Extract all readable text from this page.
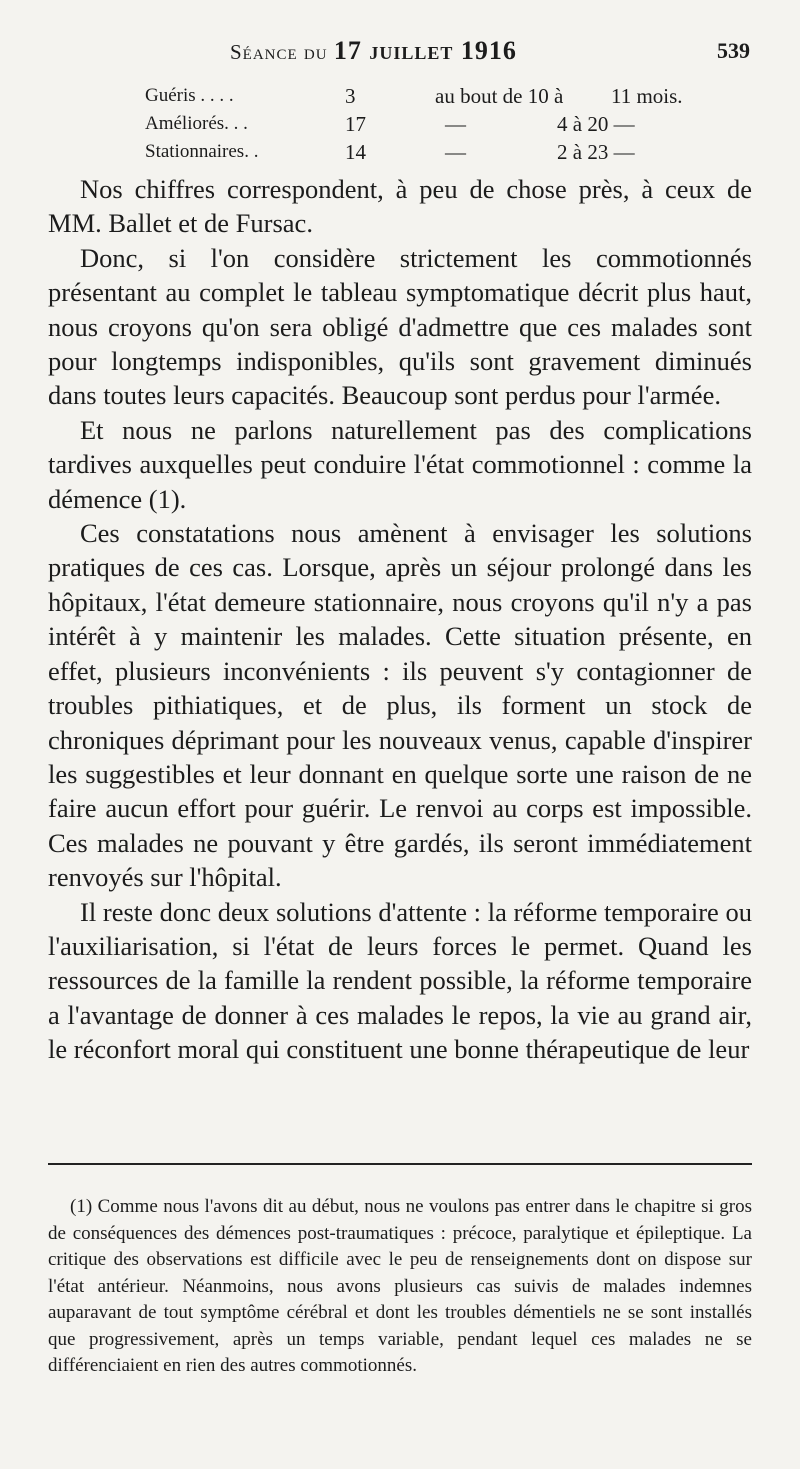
Séance du 17 juillet 1916	539
Guéris . . . .	3	au bout de 10 à 11 mois.
Améliorés. . .	17	—	4 à 20 —
Stationnaires. .	14	—	2 à 23 —

Nos chiffres correspondent, à peu de chose près, à ceux de MM. Ballet et de Fursac.

Donc, si l'on considère strictement les commotionnés présentant au complet le tableau symptomatique décrit plus haut, nous croyons qu'on sera obligé d'admettre que ces malades sont pour longtemps indisponibles, qu'ils sont gravement diminués dans toutes leurs capacités. Beaucoup sont perdus pour l'armée.

Et nous ne parlons naturellement pas des complications tardives auxquelles peut conduire l'état commotionnel : comme la démence (1).

Ces constatations nous amènent à envisager les solutions pratiques de ces cas. Lorsque, après un séjour prolongé dans les hôpitaux, l'état demeure stationnaire, nous croyons qu'il n'y a pas intérêt à y maintenir les malades. Cette situation présente, en effet, plusieurs inconvénients : ils peuvent s'y contagionner de troubles pithiatiques, et de plus, ils forment un stock de chroniques déprimant pour les nouveaux venus, capable d'inspirer les suggestibles et leur donnant en quelque sorte une raison de ne faire aucun effort pour guérir. Le renvoi au corps est impossible. Ces malades ne pouvant y être gardés, ils seront immédiatement renvoyés sur l'hôpital.

Il reste donc deux solutions d'attente : la réforme temporaire ou l'auxiliarisation, si l'état de leurs forces le permet. Quand les ressources de la famille la rendent possible, la réforme temporaire a l'avantage de donner à ces malades le repos, la vie au grand air, le réconfort moral qui constituent une bonne thérapeutique de leur

(1) Comme nous l'avons dit au début, nous ne voulons pas entrer dans le chapitre si gros de conséquences des démences post-traumatiques : précoce, paralytique et épileptique. La critique des observations est difficile avec le peu de renseignements dont on dispose sur l'état antérieur. Néanmoins, nous avons plusieurs cas suivis de malades indemnes auparavant de tout symptôme cérébral et dont les troubles démentiels ne se sont installés que progressivement, après un temps variable, pendant lequel ces malades ne se différenciaient en rien des autres commotionnés.
